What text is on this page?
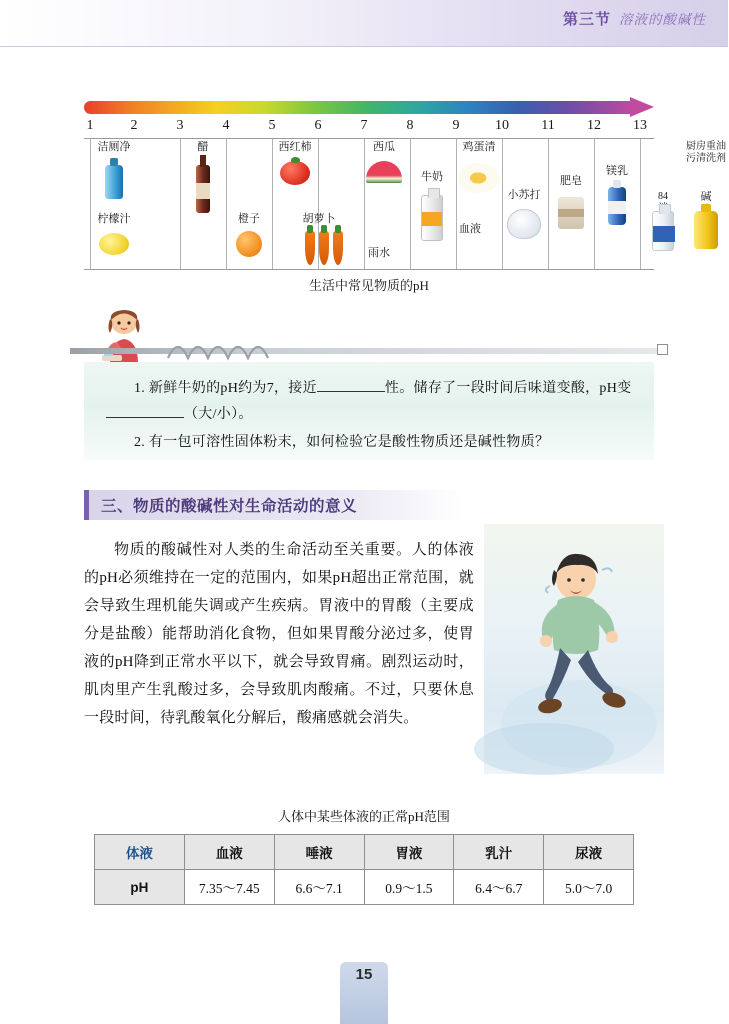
第三节 溶液的酸碱性
1	2	3	4	5	6	7	8	9	10 11 12 13
洁厕净
柠檬汁
醋
橙子
西红柿
胡萝卜
西瓜
雨水
牛奶
鸡蛋清
血液
小苏打
肥皂
镁乳
84
厨房重油污清洗剂
碱
生活中常见物质的pH

1. 新鲜牛奶的pH约为7，接近	性。储存了一段时间后味道变酸，pH变

（大/小）。

2. 有一包可溶性固体粉末，如何检验它是酸性物质还是碱性物质？

三、物质的酸碱性对生命活动的意义
物质的酸碱性对人类的生命活动至关重要。人的体液的pH必须维持在一定的范围内，如果pH超出正常范围，就会导致生理机能失调或产生疾病。胃液中的胃酸（主要成分是盐酸）能帮助消化食物，但如果胃酸分泌过多，使胃液的pH降到正常水平以下，就会导致胃痛。剧烈运动时，肌肉里产生乳酸过多，会导致肌肉酸痛。不过，只要休息一段时间，待乳酸氧化分解后，酸痛感就会消失。
人体中某些体液的正常pH范围
体液	血液	唾液	胃液	乳汁	尿液
pH	7.35～7.45	6.6～7.1	0.9～1.5	6.4～6.7	5.0～7.0
15
